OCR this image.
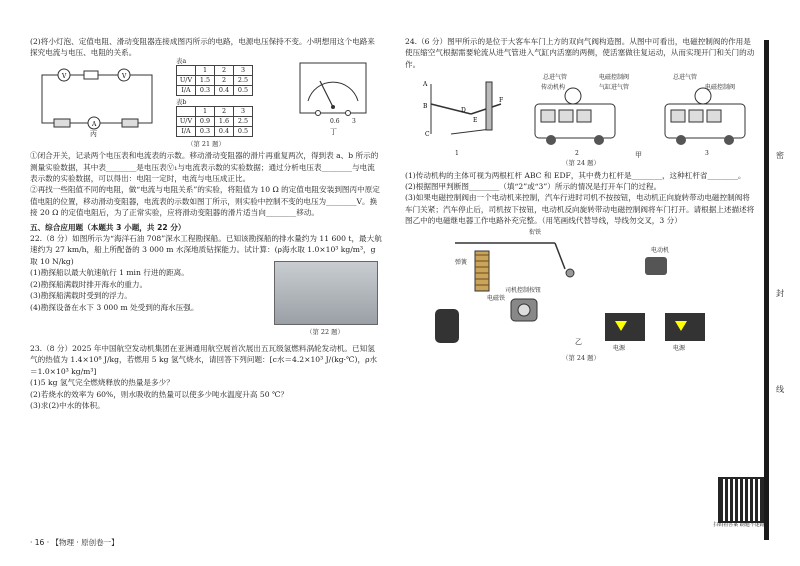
(2)将小灯泡、定值电阻、滑动变阻器连接成图丙所示的电路，电源电压保持不变。小明想用这个电路来探究电流与电压、电阻的关系。

V	V
A
丙
表a
	1	2	3
U/V	1.5	2	2.5
I/A	0.3	0.4	0.5
表b
	1	2	3
U/V	0.9	1.6	2.5
I/A	0.3	0.4	0.5
0.6 3
丁

（第 21 题）

①闭合开关，记录两个电压表和电流表的示数。移动滑动变阻器的滑片再重复两次，得到表 a、b 所示的测量实验数据，其中表________是电压表Ⓥ₁与电流表示数的实验数据；通过分析电压表________与电流表示数的实验数据，可以得出：电阻一定时，电流与电压成正比。

②再找一些阻值不同的电阻，做“电流与电阻关系”的实验，将阻值为 10 Ω 的定值电阻安装到图丙中原定值电阻的位置，移动滑动变阻器，电流表的示数如图丁所示，则实验中控制不变的电压为________V。换接 20 Ω 的定值电阻后，为了正常实验，应将滑动变阻器的滑片适当向________移动。

五、综合应用题（本题共 3 小题，共 22 分）

22.（8 分）如图所示为“海洋石油 708”深水工程勘探船。已知该勘探船的排水量约为 11 600 t，最大航速约为 27 km/h，船上所配备的 3 000 m 水深地质钻探能力。试计算：(ρ海水取 1.0×10³ kg/m³，g 取 10 N/kg)

(1)勘探船以最大航速航行 1 min 行进的距离。

(2)勘探船满载时排开海水的重力。

(3)勘探船满载时受到的浮力。

(4)勘探设备在水下 3 000 m 处受到的海水压强。

（第 22 题）

23.（8 分）2025 年中国航空发动机集团在亚洲通用航空展首次展出五瓦级氢燃料涡轮发动机。已知氢气的热值为 1.4×10⁸ J/kg，若燃用 5 kg 氢气烧水，请回答下列问题：[c水＝4.2×10³ J/(kg·℃)，ρ水＝1.0×10³ kg/m³]

(1)5 kg 氢气完全燃烧释放的热量是多少？

(2)若烧水的效率为 60%，则水吸收的热量可以使多少吨水温度升高 50 ℃？

(3)求(2)中水的体积。

24.（6 分）图甲所示的是位于大客车车门上方的双向气阀构造图。从图中可看出，电磁控制阀的作用是使压缩空气根据需要轮流从进气管进入气缸内活塞的两侧，使活塞做往复运动，从而实现开门和关门的动作。

A
B
C
D
E
F
1
总进气管
传动机构
电磁控制阀
气缸进气管
总进气管
电磁控制阀
2	3
甲

（第 24 题）

(1)传动机构的主体可视为两根杠杆 ABC 和 EDF，其中费力杠杆是________，这种杠杆省________。

(2)根据图甲判断图________（填“2”或“3”）所示的情况是打开车门的过程。

(3)如果电磁控制阀由一个电动机来控制，汽车行进时司机不按按钮，电动机正向旋转带动电磁控制阀将车门关紧；汽车停止后，司机按下按钮，电动机反向旋转带动电磁控制阀将车门打开。请根据上述描述将图乙中的电磁继电器工作电路补充完整。（用笔画线代替导线，导线勿交叉，3 分）

衔铁
弹簧
电磁铁
司机控制按钮
电动机
电源	电源
乙

（第 24 题）

密
封
线
扫码看答案 刷题不迷路
· 16 · 【物理 · 原创卷一】
